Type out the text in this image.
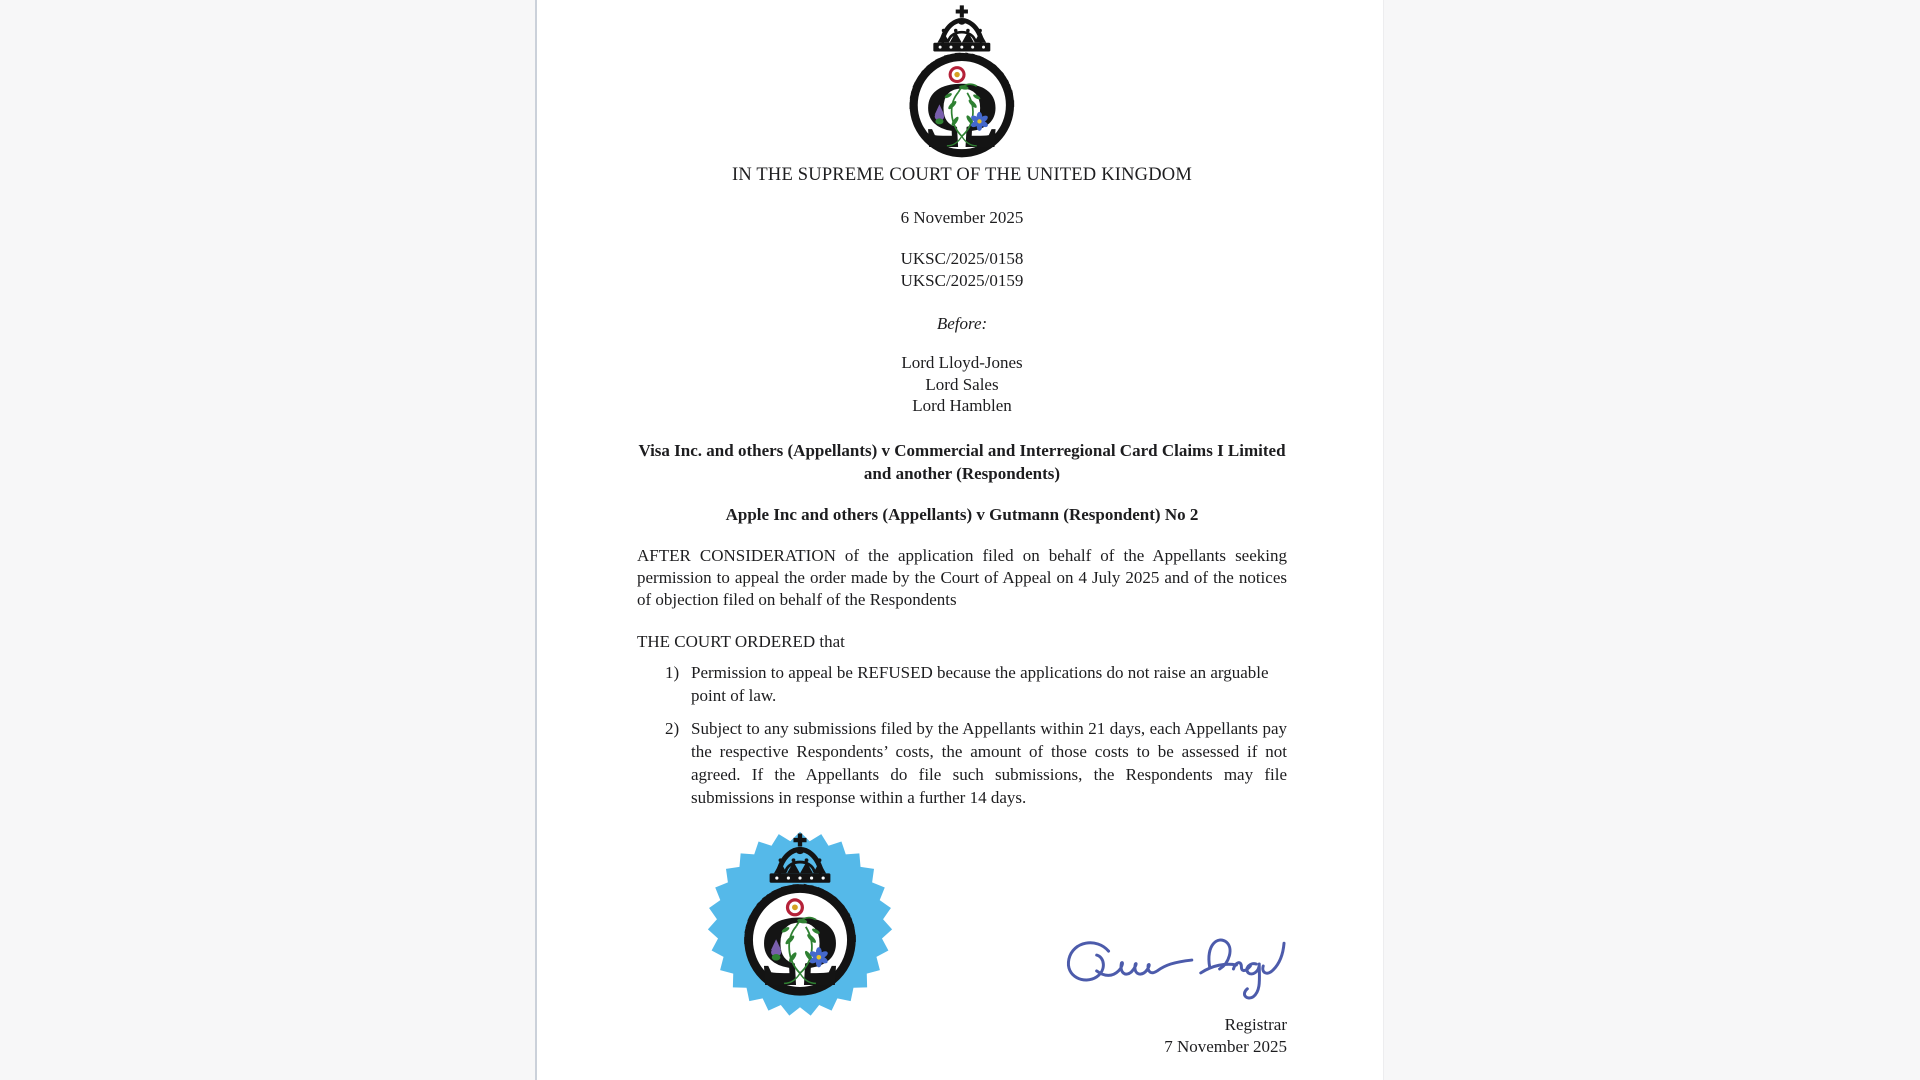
IN THE SUPREME COURT OF THE UNITED KINGDOM
6 November 2025
UKSC/2025/0158
UKSC/2025/0159
Before:
Lord Lloyd-Jones
Lord Sales
Lord Hamblen
Visa Inc. and others (Appellants) v Commercial and Interregional Card Claims I Limited and another (Respondents)
Apple Inc and others (Appellants) v Gutmann (Respondent) No 2

AFTER CONSIDERATION of the application filed on behalf of the Appellants seeking permission to appeal the order made by the Court of Appeal on 4 July 2025 and of the notices of objection filed on behalf of the Respondents

THE COURT ORDERED that

1) Permission to appeal be REFUSED because the applications do not raise an arguable point of law.
2) Subject to any submissions filed by the Appellants within 21 days, each Appellants pay the respective Respondents’ costs, the amount of those costs to be assessed if not agreed. If the Appellants do file such submissions, the Respondents may file submissions in response within a further 14 days.
Registrar
7 November 2025
